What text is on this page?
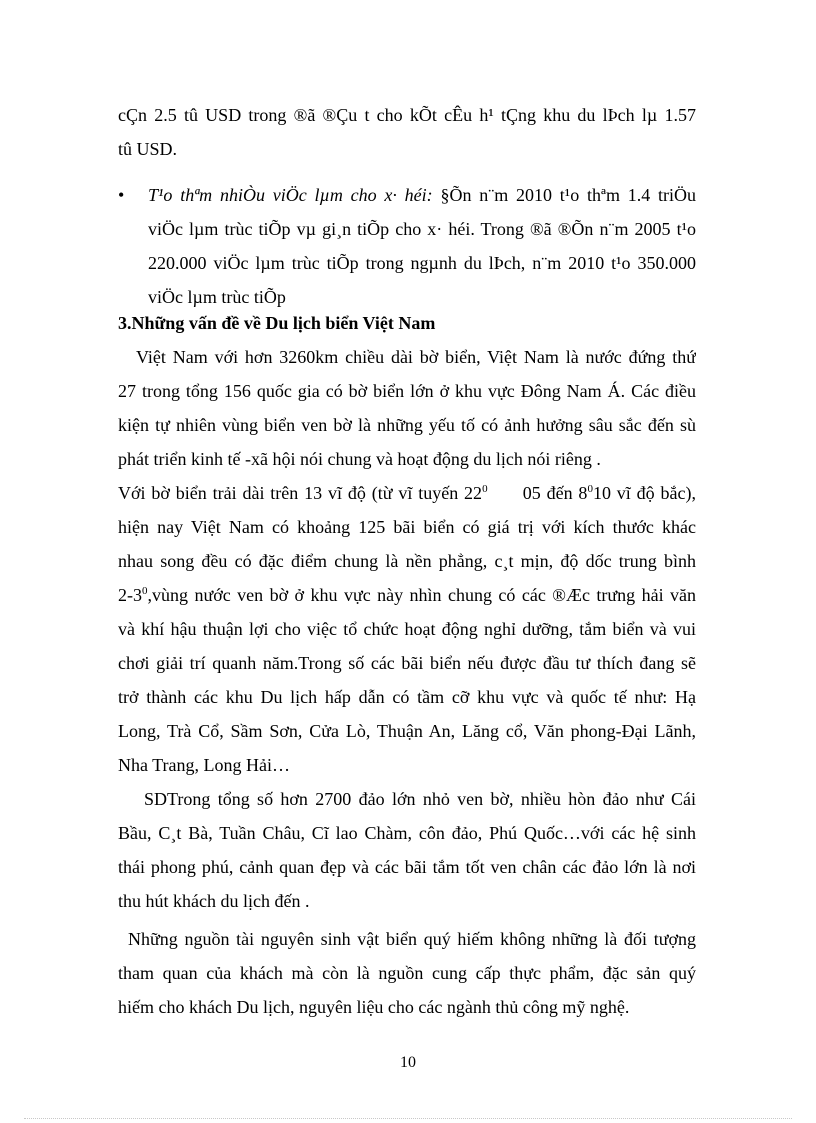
cÇn 2.5 tû USD trong ®ã ®Çu t cho kÕt cÊu h¹ tÇng khu du lÞch lµ 1.57
tû USD.
• T¹o thªm nhiÒu viÖc lµm cho x· héi: §Õn n¨m 2010 t¹o thªm 1.4 triÖu
viÖc lµm trùc tiÕp vµ gi¸n tiÕp cho x· héi. Trong ®ã ®Õn n¨m 2005 t¹o
220.000 viÖc lµm trùc tiÕp trong ngµnh du lÞch, n¨m 2010 t¹o 350.000
viÖc lµm trùc tiÕp
3.Những vấn đề về Du lịch biển Việt Nam
Việt Nam với hơn 3260km chiều dài bờ biển, Việt Nam là nước đứng thứ
27 trong tổng 156 quốc gia có bờ biển lớn ở khu vực Đông Nam Á. Các điều
kiện tự nhiên vùng biển ven bờ là những yếu tố có ảnh hưởng sâu sắc đến sù
phát triển kinh tế -xã hội nói chung và hoạt động du lịch nói riêng .
Với bờ biển trải dài trên 13 vĩ độ (từ vĩ tuyến $22^0$      05 đến $8^010$ vĩ độ bắc),
hiện nay Việt Nam có khoảng 125 bãi biển có giá trị với kích thước khác
nhau song đều có đặc điểm chung là nền phẳng, c¸t mịn, độ dốc trung bình
$2-3^0,vùng$ nước ven bờ ở khu vực này nhìn chung có các ®Æc trưng hải văn
và khí hậu thuận lợi cho việc tổ chức hoạt động nghỉ dưỡng, tắm biển và vui
chơi giải trí quanh năm.Trong số các bãi biển nếu được đầu tư thích đang sẽ
trở thành các khu Du lịch hấp dẫn có tầm cỡ khu vực và quốc tế như: Hạ
Long, Trà Cổ, Sầm Sơn, Cửa Lò, Thuận An, Lăng cổ, Văn phong-Đại Lãnh,
Nha Trang, Long Hải…
SDTrong tổng số hơn 2700 đảo lớn nhỏ ven bờ, nhiều hòn đảo như Cái
Bầu, C¸t Bà, Tuần Châu, Cĩ lao Chàm, côn đảo, Phú Quốc…với các hệ sinh
thái phong phú, cảnh quan đẹp và các bãi tắm tốt ven chân các đảo lớn là nơi
thu hút khách du lịch đến .
Những nguồn tài nguyên sinh vật biển quý hiếm không những là đối tượng
tham quan của khách mà còn là nguồn cung cấp thực phẩm, đặc sản quý
hiếm cho khách Du lịch, nguyên liệu cho các ngành thủ công mỹ nghệ.
10
